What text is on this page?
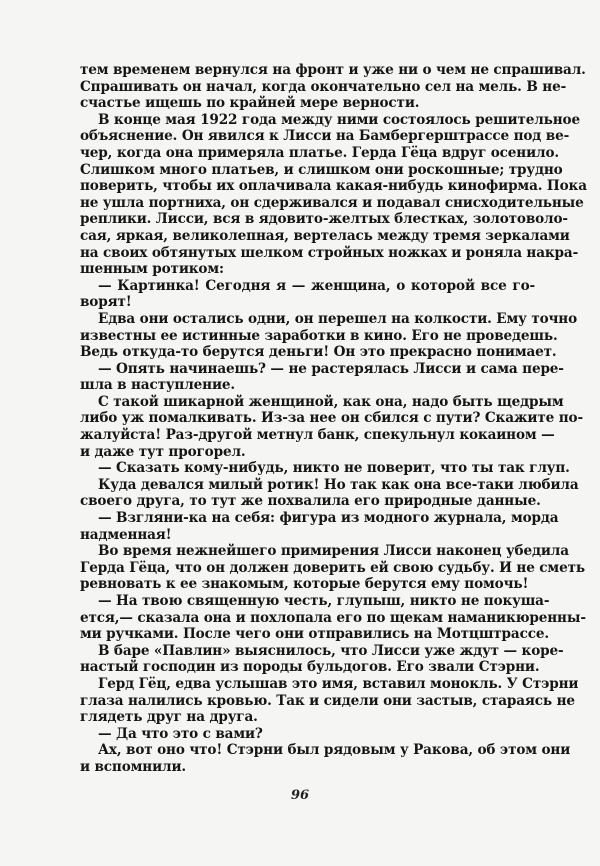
тем временем вернулся на фронт и уже ни о чем не спрашивал.
Спрашивать он начал, когда окончательно сел на мель. В не-
счастье ищешь по крайней мере верности.
В конце мая 1922 года между ними состоялось решительное
объяснение. Он явился к Лисси на Бамбергерштрассе под ве-
чер, когда она примеряла платье. Герда Гёца вдруг осенило.
Слишком много платьев, и слишком они роскошные; трудно
поверить, чтобы их оплачивала какая-нибудь кинофирма. Пока
не ушла портниха, он сдерживался и подавал снисходительные
реплики. Лисси, вся в ядовито-желтых блестках, золотоволо-
сая, яркая, великолепная, вертелась между тремя зеркалами
на своих обтянутых шелком стройных ножках и роняла накра-
шенным ротиком:
— Картинка! Сегодня я — женщина, о которой все го-
ворят!
Едва они остались одни, он перешел на колкости. Ему точно
известны ее истинные заработки в кино. Его не проведешь.
Ведь откуда-то берутся деньги! Он это прекрасно понимает.
— Опять начинаешь? — не растерялась Лисси и сама пере-
шла в наступление.
С такой шикарной женщиной, как она, надо быть щедрым
либо уж помалкивать. Из-за нее он сбился с пути? Скажите по-
жалуйста! Раз-другой метнул банк, спекульнул кокаином —
и даже тут прогорел.
— Сказать кому-нибудь, никто не поверит, что ты так глуп.
Куда девался милый ротик! Но так как она все-таки любила
своего друга, то тут же похвалила его природные данные.
— Взгляни-ка на себя: фигура из модного журнала, морда
надменная!
Во время нежнейшего примирения Лисси наконец убедила
Герда Гёца, что он должен доверить ей свою судьбу. И не сметь
ревновать к ее знакомым, которые берутся ему помочь!
— На твою священную честь, глупыш, никто не покуша-
ется,— сказала она и похлопала его по щекам наманикюренны-
ми ручками. После чего они отправились на Мотцштрассе.
В баре «Павлин» выяснилось, что Лисси уже ждут — коре-
настый господин из породы бульдогов. Его звали Стэрни.
Герд Гёц, едва услышав это имя, вставил монокль. У Стэрни
глаза налились кровью. Так и сидели они застыв, стараясь не
глядеть друг на друга.
— Да что это с вами?
Ах, вот оно что! Стэрни был рядовым у Ракова, об этом они
и вспомнили.
96
